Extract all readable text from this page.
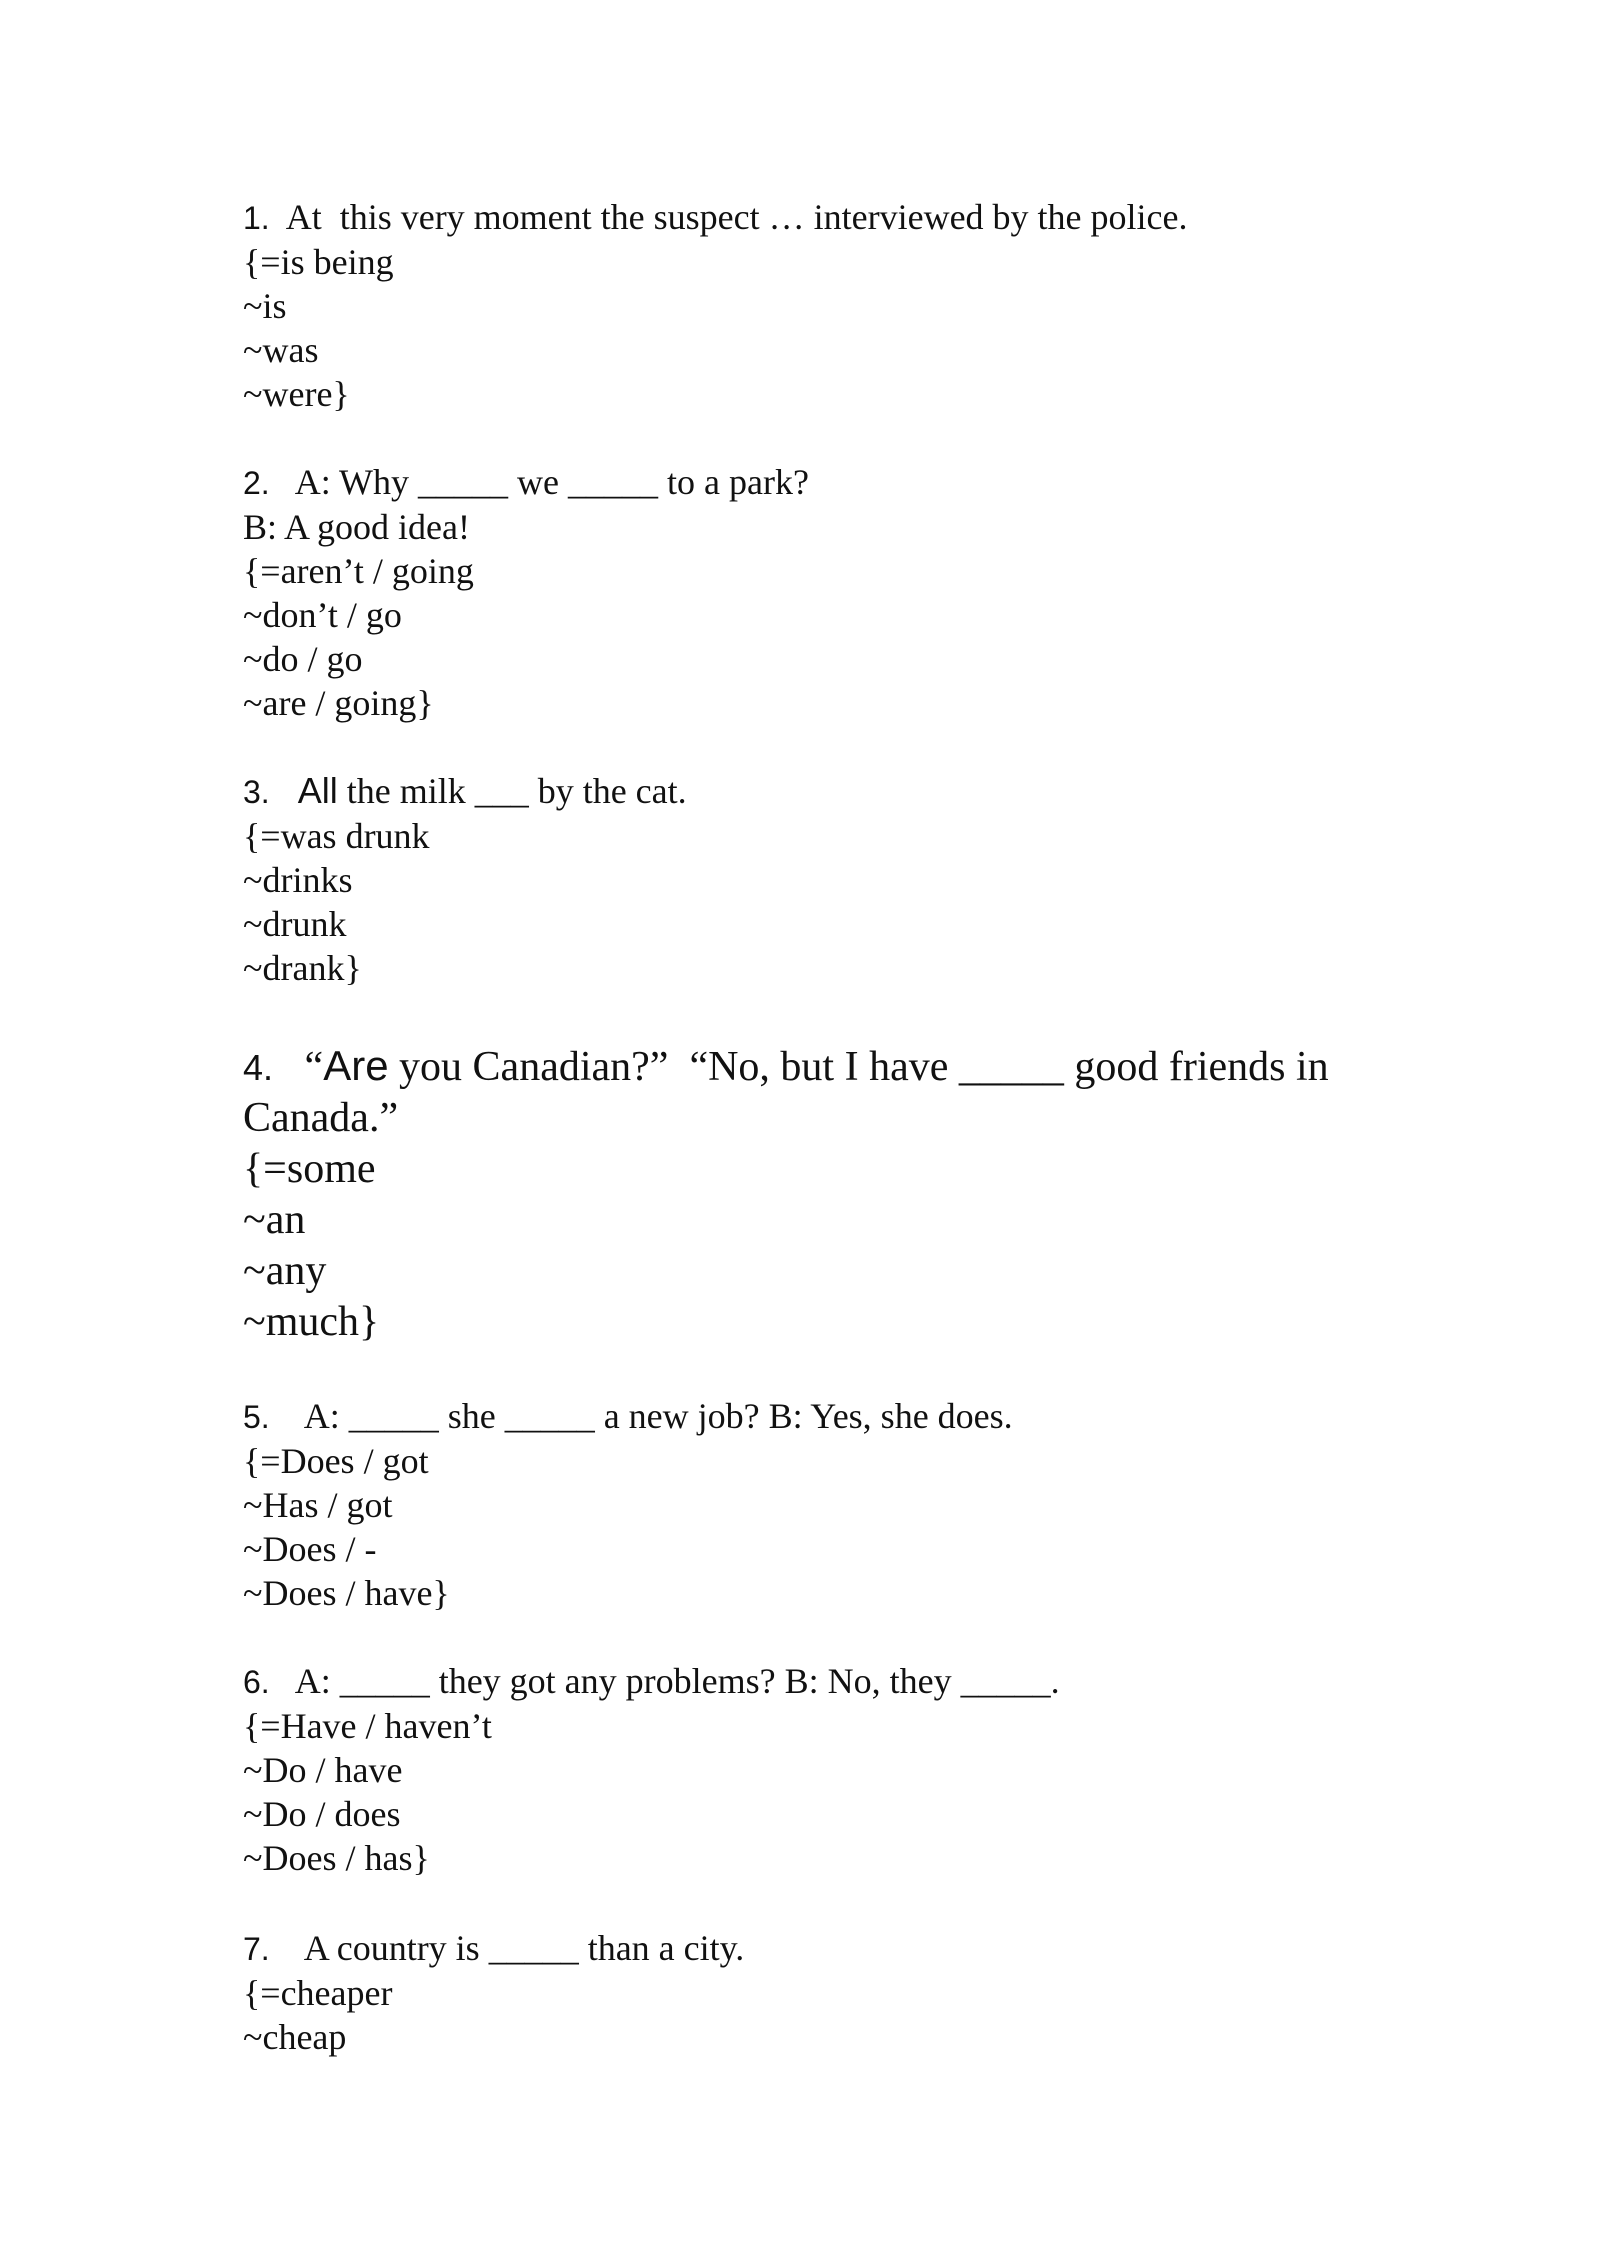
1.  At  this very moment the suspect … interviewed by the police.
{=is being
~is
~was
~were}
2.   A: Why _____ we _____ to a park?
B: A good idea!
{=aren’t / going
~don’t / go
~do / go
~are / going}
3.   All the milk ___ by the cat.
{=was drunk
~drinks
~drunk
~drank}
4.   “Are you Canadian?”  “No, but I have _____ good friends in
Canada.”
{=some
~an
~any
~much}
5.    A: _____ she _____ a new job? B: Yes, she does.
{=Does / got
~Has / got
~Does / -
~Does / have}
6.   A: _____ they got any problems? B: No, they _____.
{=Have / haven’t
~Do / have
~Do / does
~Does / has}
7.    A country is _____ than a city.
{=cheaper
~cheap
